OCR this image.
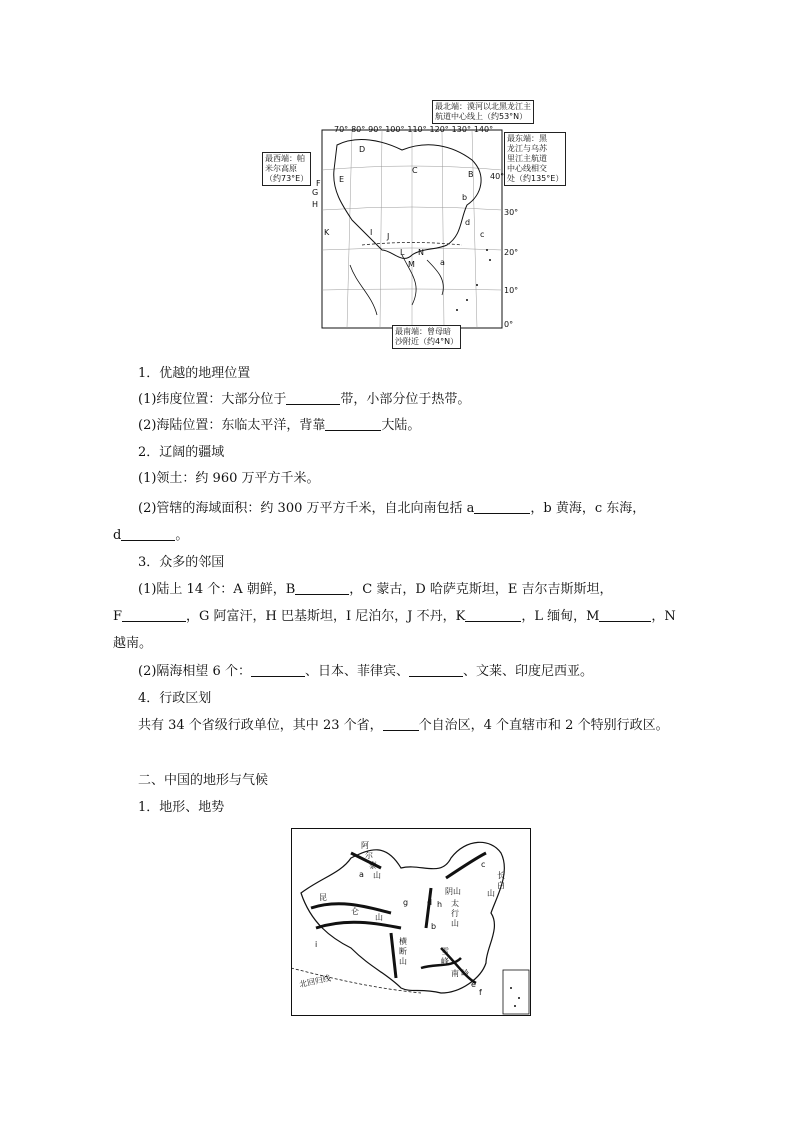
70°-80°-90°-100°-110°-120°-130°-140°
40°
30°
20°
10°
0°
B
C
D
E
F
G
H
I J
K
L
M
N
a
b
c
d
最北端：漠河以北黑龙江主
航道中心线上（约53°N）
最东端：黑
龙江与乌苏
里江主航道
中心线相交
处（约135°E）
最西端：帕
米尔高原
（约73°E）
最南端：曾母暗
沙附近（约4°N）
1．优越的地理位置
(1)纬度位置：大部分位于	带，小部分位于热带。
(2)海陆位置：东临太平洋，背靠	大陆。
2．辽阔的疆域
(1)领土：约 960 万平方千米。
(2)管辖的海域面积：约 300 万平方千米，自北向南包括 a	，b 黄海，c 东海，
d	。
3．众多的邻国
(1)陆上 14 个：A 朝鲜，B	，C 蒙古，D 哈萨克斯坦，E 吉尔吉斯斯坦，
F	，G 阿富汗，H 巴基斯坦，I 尼泊尔，J 不丹，K	，L 缅甸，M	，N
越南。
(2)隔海相望 6 个：	、日本、菲律宾、	、文莱、印度尼西亚。
4．行政区划
共有 34 个省级行政单位，其中 23 个省，	个自治区，4 个直辖市和 2 个特别行政区。
二、中国的地形与气候
1．地形、地势
阿
尔
泰
山	长
白
山
昆
仑
山
阴山
太
行
山
横
断
山
南 岭
雪
峰
北回归线
a
b
c
d
e
f
g	h
i
